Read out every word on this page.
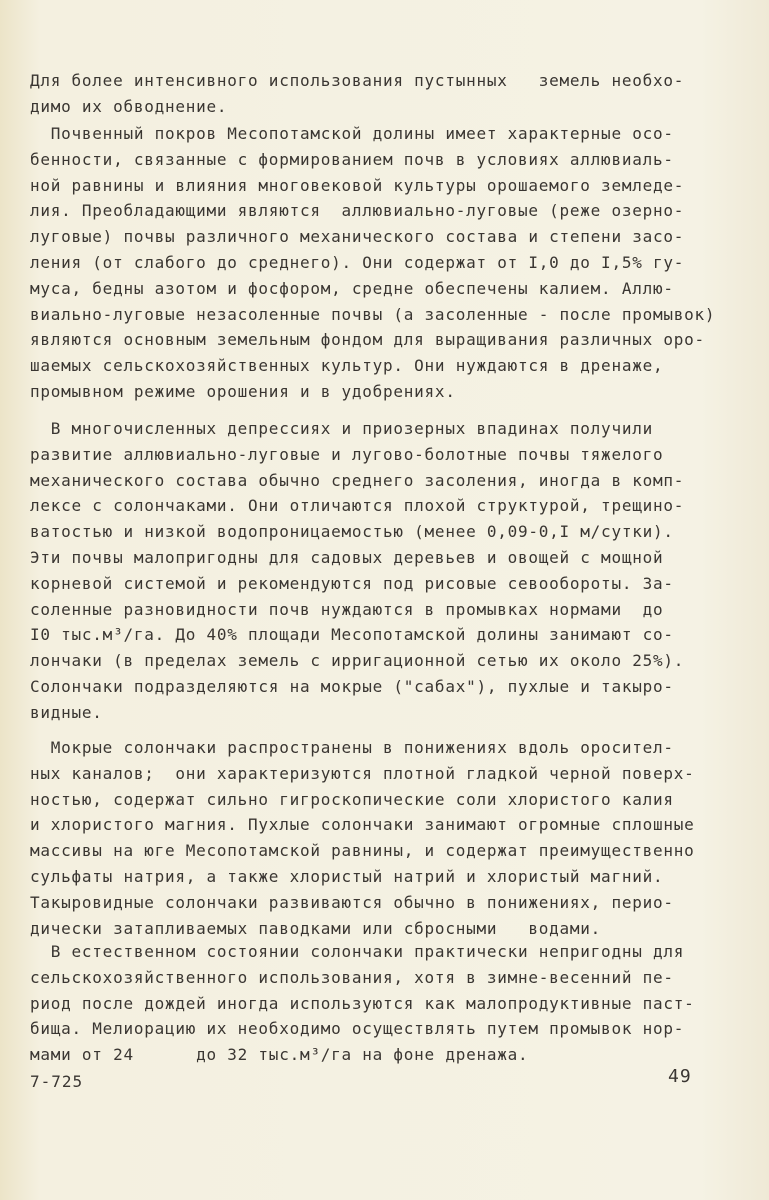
Для более интенсивного использования пустынных   земель необхо-
димо их обводнение.
Почвенный покров Месопотамской долины имеет характерные осо-
бенности, связанные с формированием почв в условиях аллювиаль-
ной равнины и влияния многовековой культуры орошаемого земледе-
лия. Преобладающими являются  аллювиально-луговые (реже озерно-
луговые) почвы различного механического состава и степени засо-
ления (от слабого до среднего). Они содержат от I,0 до I,5% гу-
муса, бедны азотом и фосфором, средне обеспечены калием. Аллю-
виально-луговые незасоленные почвы (а засоленные - после промывок)
являются основным земельным фондом для выращивания различных оро-
шаемых сельскохозяйственных культур. Они нуждаются в дренаже,
промывном режиме орошения и в удобрениях.
В многочисленных депрессиях и приозерных впадинах получили
развитие аллювиально-луговые и лугово-болотные почвы тяжелого
механического состава обычно среднего засоления, иногда в комп-
лексе с солончаками. Они отличаются плохой структурой, трещино-
ватостью и низкой водопроницаемостью (менее 0,09-0,I м/сутки).
Эти почвы малопригодны для садовых деревьев и овощей с мощной
корневой системой и рекомендуются под рисовые севообороты. За-
соленные разновидности почв нуждаются в промывках нормами  до
I0 тыс.м³/га. До 40% площади Месопотамской долины занимают со-
лончаки (в пределах земель с ирригационной сетью их около 25%).
Солончаки подразделяются на мокрые ("сабах"), пухлые и такыро-
видные.
Мокрые солончаки распространены в понижениях вдоль оросител-
ных каналов;  они характеризуются плотной гладкой черной поверх-
ностью, содержат сильно гигроскопические соли хлористого калия
и хлористого магния. Пухлые солончаки занимают огромные сплошные
массивы на юге Месопотамской равнины, и содержат преимущественно
сульфаты натрия, а также хлористый натрий и хлористый магний.
Такыровидные солончаки развиваются обычно в понижениях, перио-
дически затапливаемых паводками или сбросными   водами.
В естественном состоянии солончаки практически непригодны для
сельскохозяйственного использования, хотя в зимне-весенний пе-
риод после дождей иногда используются как малопродуктивные паст-
бища. Мелиорацию их необходимо осуществлять путем промывок нор-
мами от 24      до 32 тыс.м³/га на фоне дренажа.
7-725	49
